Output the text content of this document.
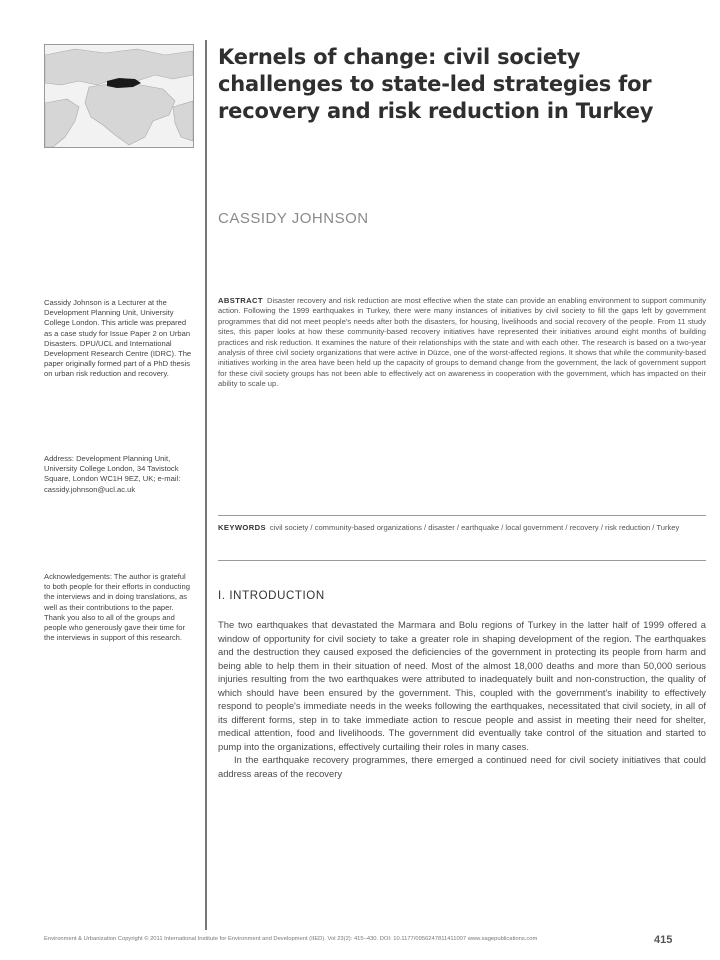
Kernels of change: civil society challenges to state-led strategies for recovery and risk reduction in Turkey
CASSIDY JOHNSON
Cassidy Johnson is a Lecturer at the Development Planning Unit, University College London. This article was prepared as a case study for Issue Paper 2 on Urban Disasters. DPU/UCL and International Development Research Centre (IDRC). The paper originally formed part of a PhD thesis on urban risk reduction and recovery.
Address: Development Planning Unit, University College London, 34 Tavistock Square, London WC1H 9EZ, UK; e-mail: cassidy.johnson@ucl.ac.uk
Acknowledgements: The author is grateful to both people for their efforts in conducting the interviews and in doing translations, as well as their contributions to the paper. Thank you also to all of the groups and people who generously gave their time for the interviews in support of this research.
ABSTRACT Disaster recovery and risk reduction are most effective when the state can provide an enabling environment to support community action. Following the 1999 earthquakes in Turkey, there were many instances of initiatives by civil society to fill the gaps left by government programmes that did not meet people's needs after both the disasters, for housing, livelihoods and social recovery of the people. From 11 study sites, this paper looks at how these community-based recovery initiatives have represented their initiatives around eight months of building practices and risk reduction. It examines the nature of their relationships with the state and with each other. The research is based on a two-year analysis of three civil society organizations that were active in Düzce, one of the worst-affected regions. It shows that while the community-based initiatives working in the area have been held up the capacity of groups to demand change from the government, the lack of government support for these civil society groups has not been able to effectively act on awareness in cooperation with the government, which has impacted on their ability to scale up.
KEYWORDS civil society / community-based organizations / disaster / earthquake / local government / recovery / risk reduction / Turkey
I. INTRODUCTION

The two earthquakes that devastated the Marmara and Bolu regions of Turkey in the latter half of 1999 offered a window of opportunity for civil society to take a greater role in shaping development of the region. The earthquakes and the destruction they caused exposed the deficiencies of the government in protecting its people from harm and being able to help them in their situation of need. Most of the almost 18,000 deaths and more than 50,000 serious injuries resulting from the two earthquakes were attributed to inadequately built and non-construction, the quality of which should have been ensured by the government. This, coupled with the government's inability to effectively respond to people's immediate needs in the weeks following the earthquakes, necessitated that civil society, in all of its different forms, step in to take immediate action to rescue people and assist in meeting their need for shelter, medical attention, food and livelihoods. The government did eventually take control of the situation and started to pump into the organizations, effectively curtailing their roles in many cases.

In the earthquake recovery programmes, there emerged a continued need for civil society initiatives that could address areas of the recovery

Environment & Urbanization Copyright © 2011 International Institute for Environment and Development (IIED). Vol 23(2): 415–430. DOI: 10.1177/0956247811411007 www.sagepublications.com	415
